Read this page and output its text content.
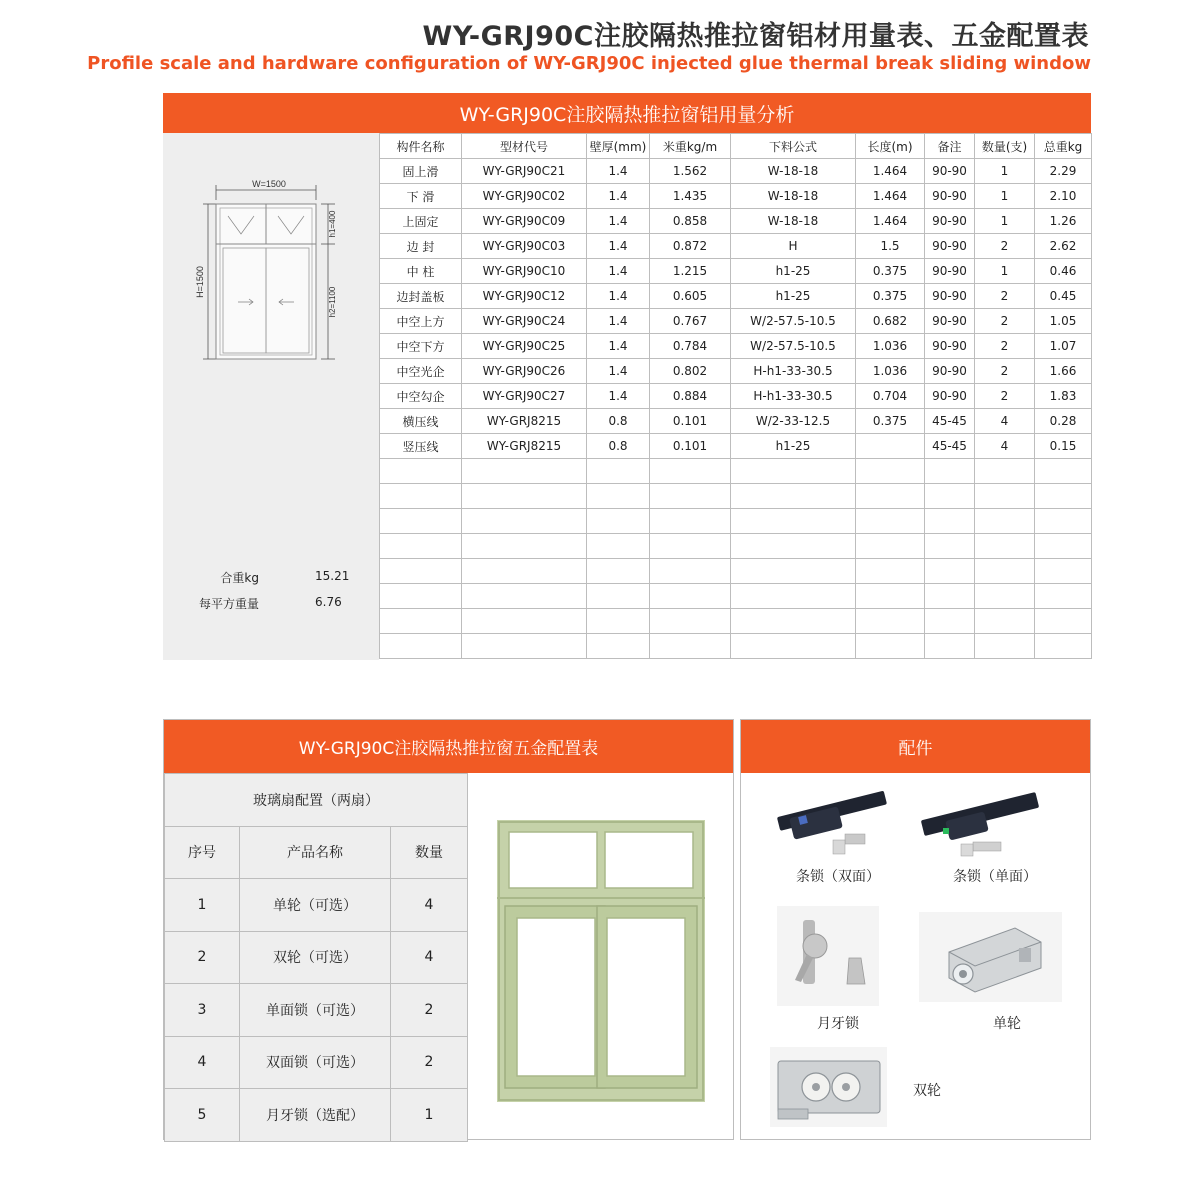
WY-GRJ90C注胶隔热推拉窗铝材用量表、五金配置表
Profile scale and hardware configuration of WY-GRJ90C injected glue thermal break sliding window
WY-GRJ90C注胶隔热推拉窗铝用量分析
W=1500
H=1500
h1=400
h2=1100
合重kg	15.21
每平方重量	6.76
构件名称	型材代号	壁厚(mm)	米重kg/m	下料公式	长度(m)	备注	数量(支)	总重kg
固上滑	WY-GRJ90C21	1.4	1.562	W-18-18	1.464	90-90	1	2.29
下 滑	WY-GRJ90C02	1.4	1.435	W-18-18	1.464	90-90	1	2.10
上固定	WY-GRJ90C09	1.4	0.858	W-18-18	1.464	90-90	1	1.26
边 封	WY-GRJ90C03	1.4	0.872	H	1.5	90-90	2	2.62
中 柱	WY-GRJ90C10	1.4	1.215	h1-25	0.375	90-90	1	0.46
边封盖板	WY-GRJ90C12	1.4	0.605	h1-25	0.375	90-90	2	0.45
中空上方	WY-GRJ90C24	1.4	0.767	W/2-57.5-10.5	0.682	90-90	2	1.05
中空下方	WY-GRJ90C25	1.4	0.784	W/2-57.5-10.5	1.036	90-90	2	1.07
中空光企	WY-GRJ90C26	1.4	0.802	H-h1-33-30.5	1.036	90-90	2	1.66
中空勾企	WY-GRJ90C27	1.4	0.884	H-h1-33-30.5	0.704	90-90	2	1.83
横压线	WY-GRJ8215	0.8	0.101	W/2-33-12.5	0.375	45-45	4	0.28
竖压线	WY-GRJ8215	0.8	0.101	h1-25		45-45	4	0.15

WY-GRJ90C注胶隔热推拉窗五金配置表
玻璃扇配置（两扇）		
序号	产品名称	数量
1	单轮（可选）	4
2	双轮（可选）	4
3	单面锁（可选）	2
4	双面锁（可选）	2
5	月牙锁（选配）	1
配件
条锁（双面）	条锁（单面）
月牙锁	单轮
双轮
